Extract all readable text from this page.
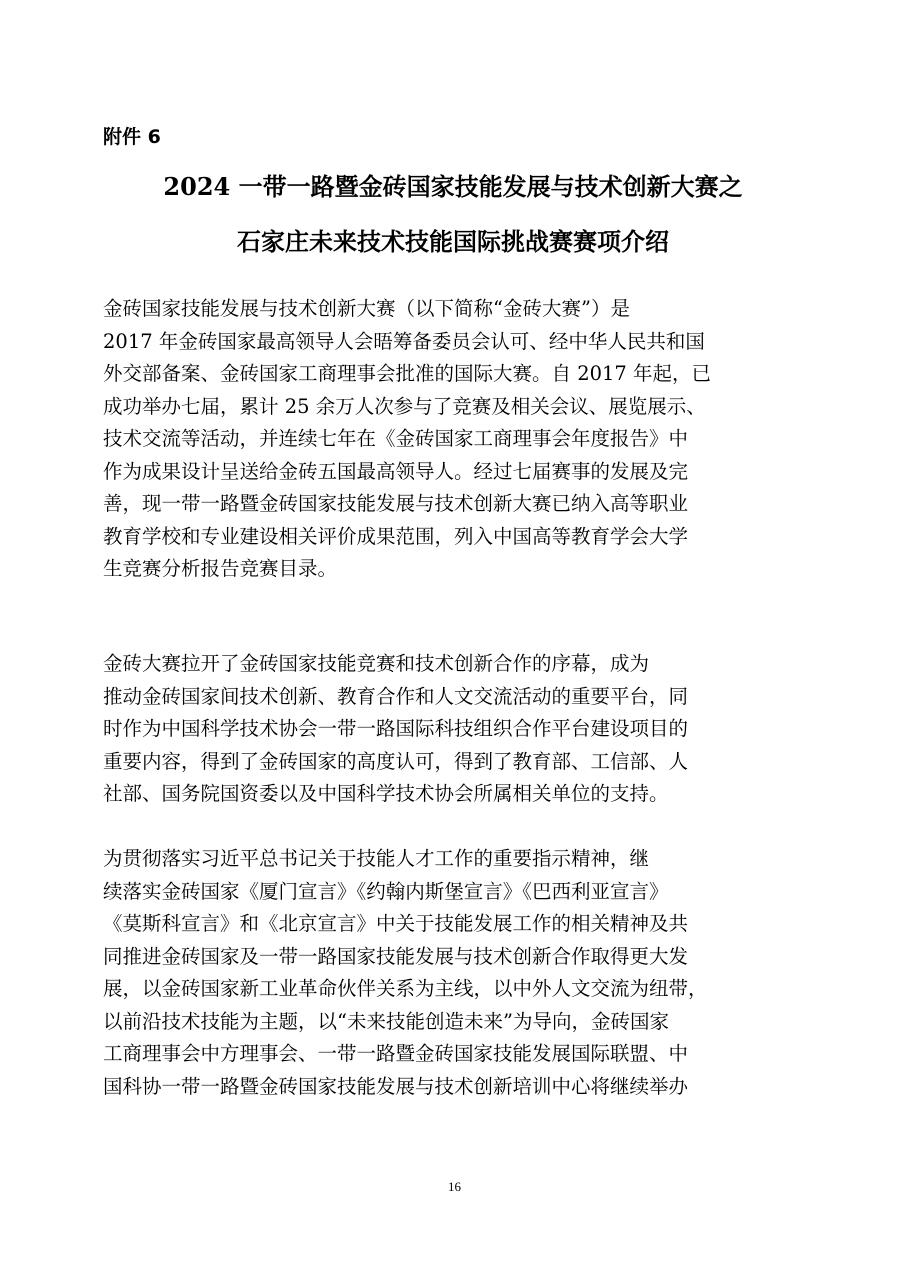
附件 6
2024 一带一路暨金砖国家技能发展与技术创新大赛之
石家庄未来技术技能国际挑战赛赛项介绍
金砖国家技能发展与技术创新大赛（以下简称“金砖大赛”）是
2017 年金砖国家最高领导人会晤筹备委员会认可、经中华人民共和国
外交部备案、金砖国家工商理事会批准的国际大赛。自 2017 年起，已
成功举办七届，累计 25 余万人次参与了竞赛及相关会议、展览展示、
技术交流等活动，并连续七年在《金砖国家工商理事会年度报告》中
作为成果设计呈送给金砖五国最高领导人。经过七届赛事的发展及完
善，现一带一路暨金砖国家技能发展与技术创新大赛已纳入高等职业
教育学校和专业建设相关评价成果范围，列入中国高等教育学会大学
生竞赛分析报告竞赛目录。
金砖大赛拉开了金砖国家技能竞赛和技术创新合作的序幕，成为
推动金砖国家间技术创新、教育合作和人文交流活动的重要平台，同
时作为中国科学技术协会一带一路国际科技组织合作平台建设项目的
重要内容，得到了金砖国家的高度认可，得到了教育部、工信部、人
社部、国务院国资委以及中国科学技术协会所属相关单位的支持。
为贯彻落实习近平总书记关于技能人才工作的重要指示精神，继
续落实金砖国家《厦门宣言》《约翰内斯堡宣言》《巴西利亚宣言》
《莫斯科宣言》和《北京宣言》中关于技能发展工作的相关精神及共
同推进金砖国家及一带一路国家技能发展与技术创新合作取得更大发
展，以金砖国家新工业革命伙伴关系为主线，以中外人文交流为纽带，
以前沿技术技能为主题，以“未来技能创造未来”为导向，金砖国家
工商理事会中方理事会、一带一路暨金砖国家技能发展国际联盟、中
国科协一带一路暨金砖国家技能发展与技术创新培训中心将继续举办
16
